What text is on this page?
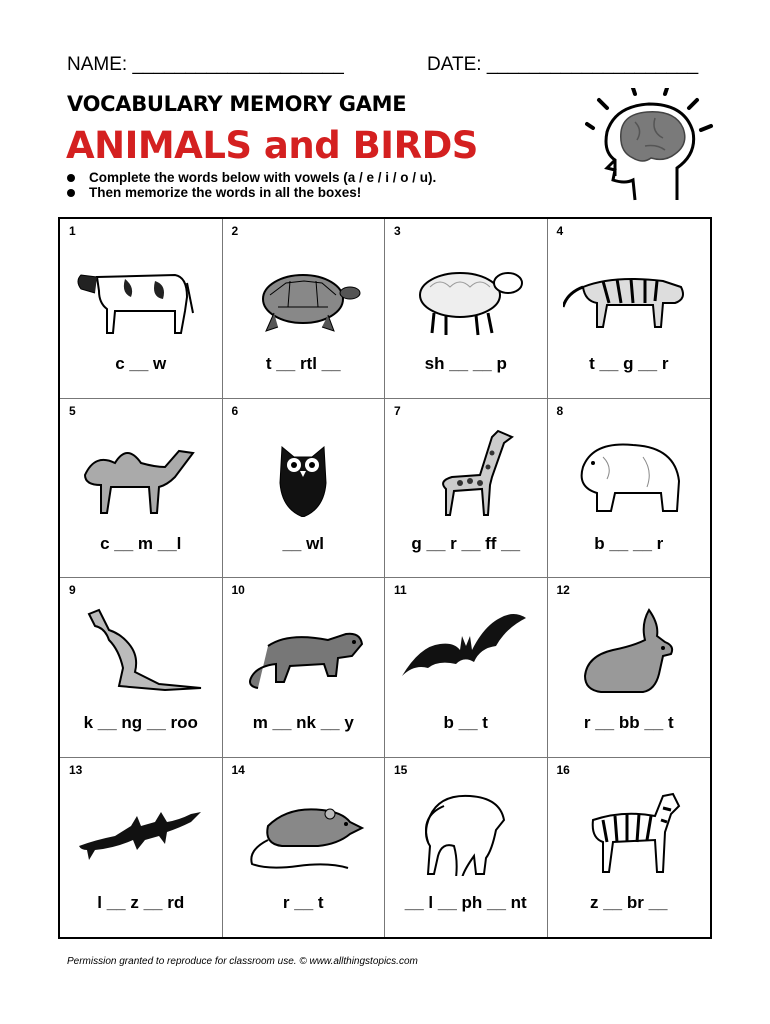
NAME: ____________________	DATE: ____________________
VOCABULARY MEMORY GAME
ANIMALS and BIRDS
Complete the words below with vowels (a / e / i / o / u).
Then memorize the words in all the boxes!
1
c __ w
2
t __ rtl __
3
sh __ __ p
4
t __ g __ r
5
c __ m __l
6
__ wl
7
g __ r __ ff __
8
b __ __ r
9
k __ ng __ roo
10
m __ nk __ y
11
b __ t
12
r __ bb __ t
13
l __ z __ rd
14
r __ t
15
__ l __ ph __ nt
16
z __ br __
Permission granted to reproduce for classroom use. © www.allthingstopics.com
